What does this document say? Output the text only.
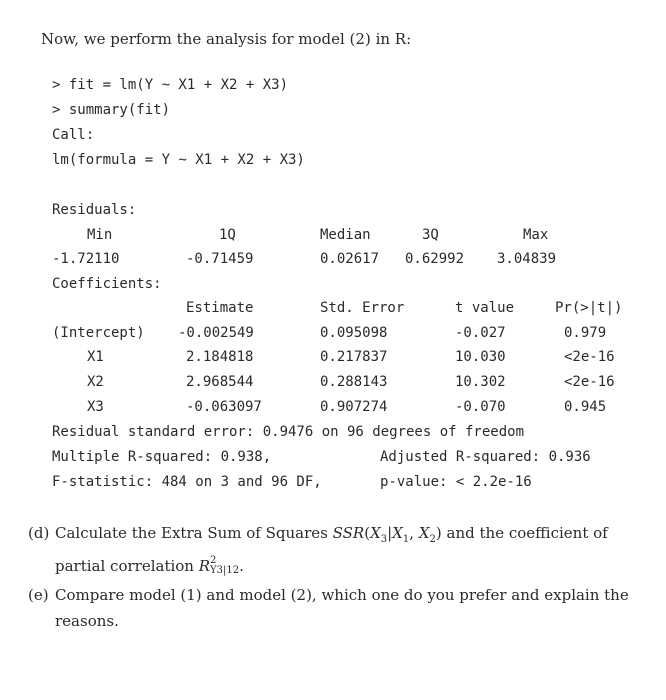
Now, we perform the analysis for model (2) in R:
> fit = lm(Y ~ X1 + X2 + X3)
> summary(fit)
Call:
lm(formula = Y ~ X1 + X2 + X3)
Residuals:
Min	1Q	Median	3Q	Max
-1.72110	-0.71459	0.02617 0.62992 3.04839
Coefficients:
Estimate	Std. Error	t value	Pr(>|t|)
(Intercept) -0.002549	0.095098	-0.027	0.979
X1	2.184818	0.217837	10.030	<2e-16
X2	2.968544	0.288143	10.302	<2e-16
X3	-0.063097	0.907274	-0.070	0.945
Residual standard error: 0.9476 on 96 degrees of freedom
Multiple R-squared: 0.938,	Adjusted R-squared: 0.936
F-statistic: 484 on 3 and 96 DF,	p-value: < 2.2e-16
(d) Calculate the Extra Sum of Squares $SSR(X_3|X_1$, $X_2$) and the coefficient of partial correlation R 2
Y3|12 .
(e) Compare model (1) and model (2), which one do you prefer and explain the reasons.
